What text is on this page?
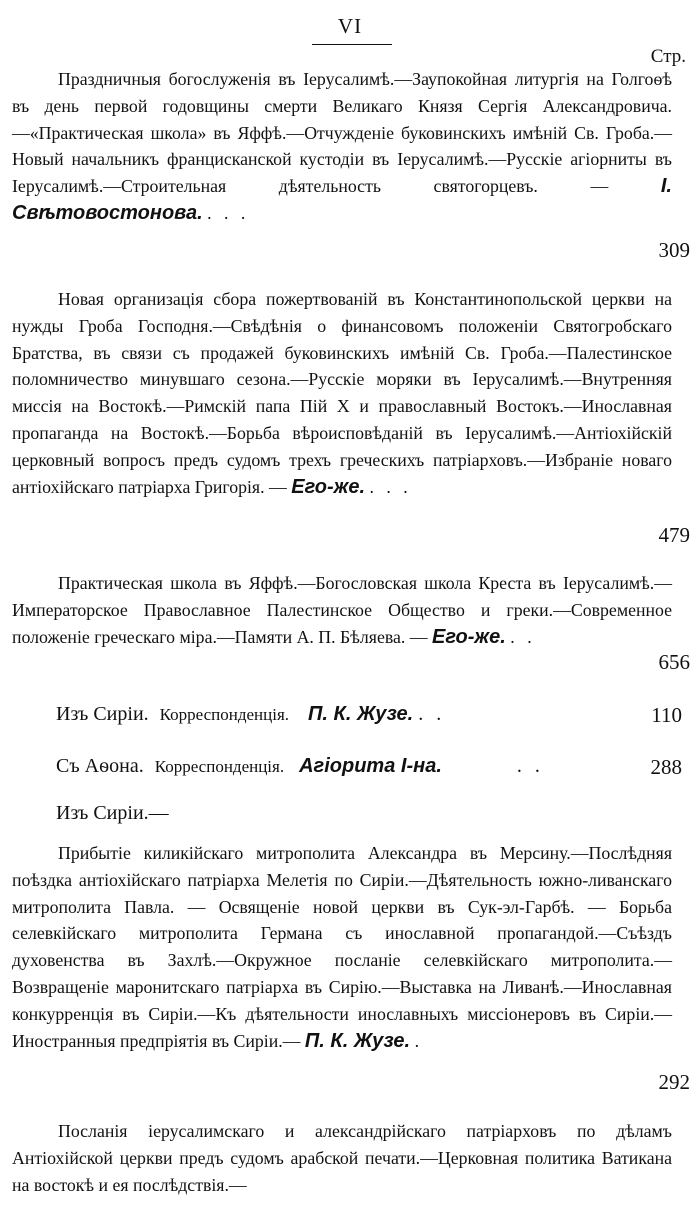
VI
Стр.

Праздничныя богослуженія въ Іерусалимѣ.—Заупокойная литургія на Голгоѳѣ въ день первой годовщины смерти Великаго Князя Сергія Александровича.—«Практическая школа» въ Яффѣ.—Отчужденіе буковинскихъ имѣній Св. Гроба.—Новый начальникъ францисканской кустодіи въ Іерусалимѣ.—Русскіе агіорниты въ Іерусалимѣ.—Строительная дѣятельность святогорцевъ. —	І. Свѣтовостонова. . . .

309

Новая организація сбора пожертвованій въ Константинопольской церкви на нужды Гроба Господня.—Свѣдѣнія о финансовомъ положеніи Святогробскаго Братства, въ связи съ продажей буковинскихъ имѣній Св. Гроба.—Палестинское поломничество минувшаго сезона.—Русскіе моряки въ Іерусалимѣ.—Внутренняя миссія на Востокѣ.—Римскій папа Пій X и православный Востокъ.—Инославная пропаганда на Востокѣ.—Борьба вѣроисповѣданій въ Іерусалимѣ.—Антіохійскій церковный вопросъ предъ судомъ трехъ греческихъ патріарховъ.—Избраніе новаго антіохійскаго патріарха Григорія. — Его-же. . . .

479

Практическая школа въ Яффѣ.—Богословская школа Креста въ Іерусалимѣ.—Императорское Православное Палестинское Общество и греки.—Современное положеніе греческаго міра.—Памяти А. П. Бѣляева. — Его-же. . .

656
Изъ Сиріи. Корреспонденція. П. К. Жузе. . .	110
Съ Аѳона. Корреспонденція. Агіорита І-на.	. .	288
Изъ Сиріи.—

Прибытіе киликійскаго митрополита Александра въ Мерсину.—Послѣдняя поѣздка антіохійскаго патріарха Мелетія по Сиріи.—Дѣятельность южно-ливанскаго митрополита Павла. — Освященіе новой церкви въ Сук-эл-Гарбѣ. — Борьба селевкійскаго митрополита Германа съ инославной пропагандой.—Съѣздъ духовенства въ Захлѣ.—Окружное посланіе селевкійскаго митрополита.—Возвращеніе маронитскаго патріарха въ Сирію.—Выставка на Ливанѣ.—Инославная конкурренція въ Сиріи.—Къ дѣятельности инославныхъ миссіонеровъ въ Сиріи.—Иностранныя предпріятія въ Сиріи.— П. К. Жузе. .

292

Посланія іерусалимскаго и александрійскаго патріарховъ по дѣламъ Антіохійской церкви предъ судомъ арабской печати.—Церковная политика Ватикана на востокѣ и ея послѣдствія.—
